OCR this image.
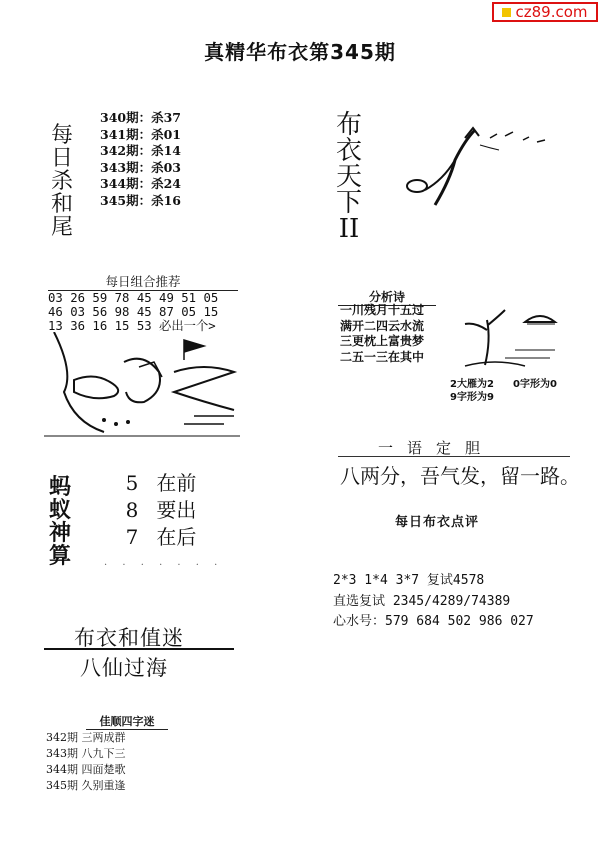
cz89.com
真精华布衣第345期
每日杀和尾
340期：杀37
341期：杀01
342期：杀14
343期：杀03
344期：杀24
345期：杀16
布衣天下
II
每日组合推荐
03 26 59 78 45 49 51 05
46 03 56 98 45 87 05 15
13 36 16 15 53 必出一个>
分析诗
一川残月十五过
满开二四云水流
三更枕上富贵梦
二五一三在其中
2大雁为2 0字形为0
9字形为9
一语定胆
八两分，吾气发，留一路。
每日布衣点评
蚂蚁神算
5 在前
8 要出
7 在后
· · · · · · ·
2*3 1*4 3*7 复试4578
直选复试 2345/4289/74389
心水号：579 684 502 986 027
布衣和值迷
八仙过海
佳顺四字迷
342期 三两成群
343期 八九下三
344期 四面楚歌
345期 久别重逢
